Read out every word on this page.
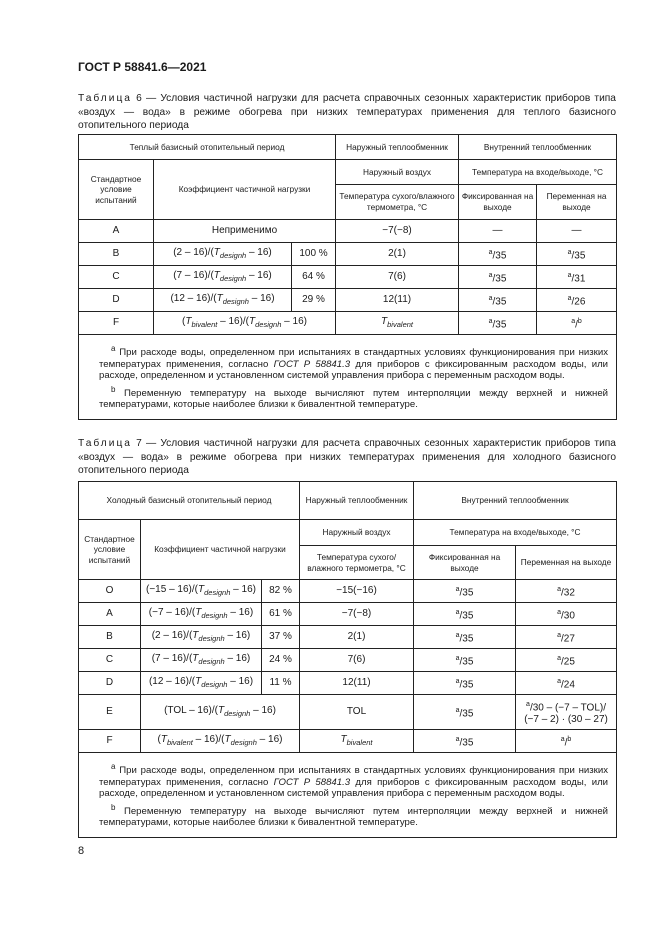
ГОСТ Р 58841.6—2021
Таблица 6 — Условия частичной нагрузки для расчета справочных сезонных характеристик приборов типа «воздух — вода» в режиме обогрева при низких температурах применения для теплого базисного отопительного периода
Теплый базисный отопительный период			Наружный теплообменник	Внутренний теплообменник	
Стандартное условие испытаний	Коэффициент частичной нагрузки		Наружный воздух	Температура на входе/выходе, °С	
			Температура сухого/влажного термометра, °С	Фиксированная на выходе	Переменная на выходе
A	Неприменимо		−7(−8)	—	—
B	$(2 - 16)/(T_{designh} - 16)$	100 %	2(1)	$^a$/35	$^a$/35
C	$(7 - 16)/(T_{designh} - 16)$	64 %	7(6)	$^a$/35	$^a$/31
D	$(12 - 16)/(T_{designh} - 16)$	29 %	12(11)	$^a$/35	$^a$/26
F	$(T_{bivalent} - 16)/(T_{designh} - 16)$		$T_{bivalent}$	$^a$/35	$^a$/$^b$

$^а$ При расходе воды, определенном при испытаниях в стандартных условиях функционирования при низких температурах применения, согласно ГОСТ Р 58841.3 для приборов с фиксированным расходом воды, или расходе, определенном и установленном системой управления прибора с переменным расходом воды.

$^b$ Переменную температуру на выходе вычисляют путем интерполяции между верхней и нижней температурами, которые наиболее близки к бивалентной температуре.					

Таблица 7 — Условия частичной нагрузки для расчета справочных сезонных характеристик приборов типа «воздух — вода» в режиме обогрева при низких температурах применения для холодного базисного отопительного периода
Холодный базисный отопительный период			Наружный теплообменник	Внутренний теплообменник	
Стандартное условие испытаний	Коэффициент частичной нагрузки		Наружный воздух	Температура на входе/выходе, °С	
			Температура сухого/влажного термометра, °С	Фиксированная на выходе	Переменная на выходе
O	$(-15 - 16)/(T_{designh} - 16)$	82 %	−15(−16)	$^a$/35	$^a$/32
A	$(-7 - 16)/(T_{designh} - 16)$	61 %	−7(−8)	$^a$/35	$^a$/30
B	$(2 - 16)/(T_{designh} - 16)$	37 %	2(1)	$^a$/35	$^a$/27
C	$(7 - 16)/(T_{designh} - 16)$	24 %	7(6)	$^a$/35	$^a$/25
D	$(12 - 16)/(T_{designh} - 16)$	11 %	12(11)	$^a$/35	$^a$/24
E	$(TOL - 16)/(T_{designh} - 16)$		TOL	$^a$/35	$^a$/30 – (−7 – TOL)/
(−7 – 2) · (30 – 27)

F	$(T_{bivalent} - 16)/(T_{designh} - 16)$		$T_{bivalent}$	$^a$/35	$^a$/$^b$

$^а$ При расходе воды, определенном при испытаниях в стандартных условиях функционирования при низких температурах применения, согласно ГОСТ Р 58841.3 для приборов с фиксированным расходом воды, или расходе, определенном и установленном системой управления прибора с переменным расходом воды.

$^b$ Переменную температуру на выходе вычисляют путем интерполяции между верхней и нижней температурами, которые наиболее близки к бивалентной температуре.					

8
